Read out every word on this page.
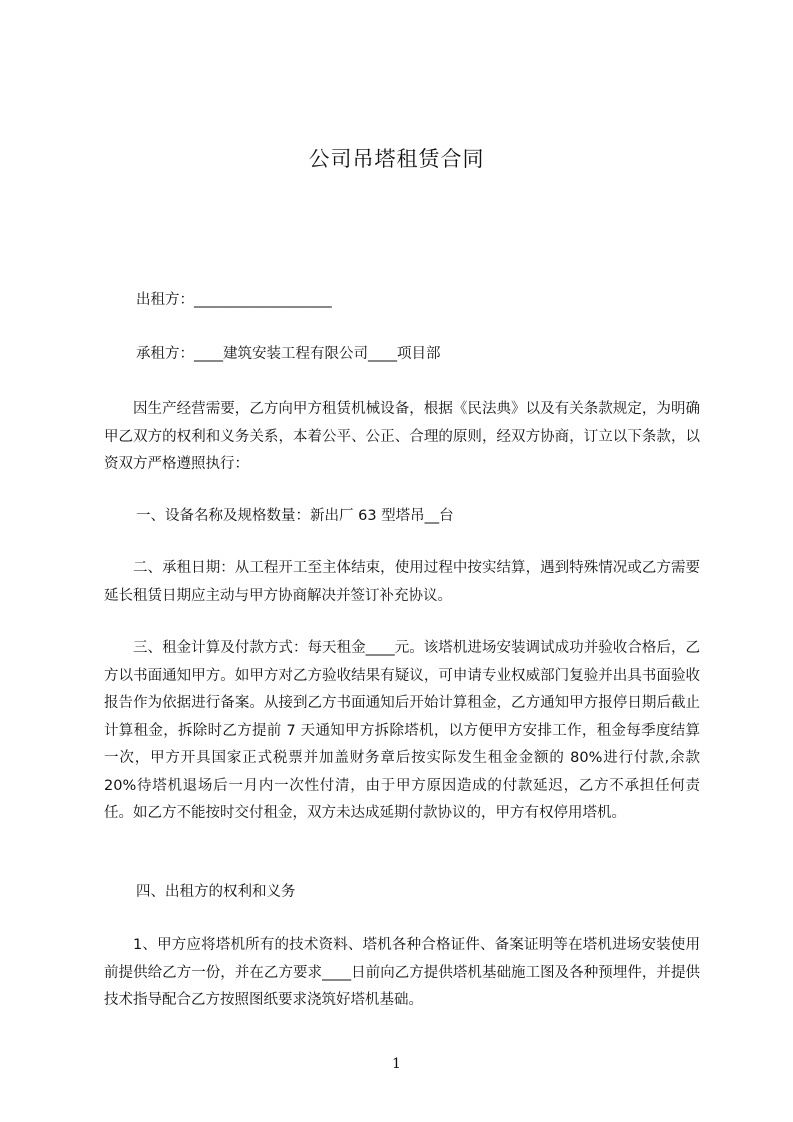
公司吊塔租赁合同

出租方：___________________

承租方：____建筑安装工程有限公司____项目部

因生产经营需要，乙方向甲方租赁机械设备，根据《民法典》以及有关条款规定，为明确甲乙双方的权利和义务关系，本着公平、公正、合理的原则，经双方协商，订立以下条款，以资双方严格遵照执行：

一、设备名称及规格数量：新出厂 63 型塔吊__台

二、承租日期：从工程开工至主体结束，使用过程中按实结算，遇到特殊情况或乙方需要延长租赁日期应主动与甲方协商解决并签订补充协议。

三、租金计算及付款方式：每天租金____元。该塔机进场安装调试成功并验收合格后，乙方以书面通知甲方。如甲方对乙方验收结果有疑议，可申请专业权威部门复验并出具书面验收报告作为依据进行备案。从接到乙方书面通知后开始计算租金，乙方通知甲方报停日期后截止计算租金，拆除时乙方提前 7 天通知甲方拆除塔机，以方便甲方安排工作，租金每季度结算一次，甲方开具国家正式税票并加盖财务章后按实际发生租金金额的 80%进行付款,余款 20%待塔机退场后一月内一次性付清，由于甲方原因造成的付款延迟，乙方不承担任何责任。如乙方不能按时交付租金，双方未达成延期付款协议的，甲方有权停用塔机。

四、出租方的权利和义务

1、甲方应将塔机所有的技术资料、塔机各种合格证件、备案证明等在塔机进场安装使用前提供给乙方一份，并在乙方要求____日前向乙方提供塔机基础施工图及各种预埋件，并提供技术指导配合乙方按照图纸要求浇筑好塔机基础。

1
